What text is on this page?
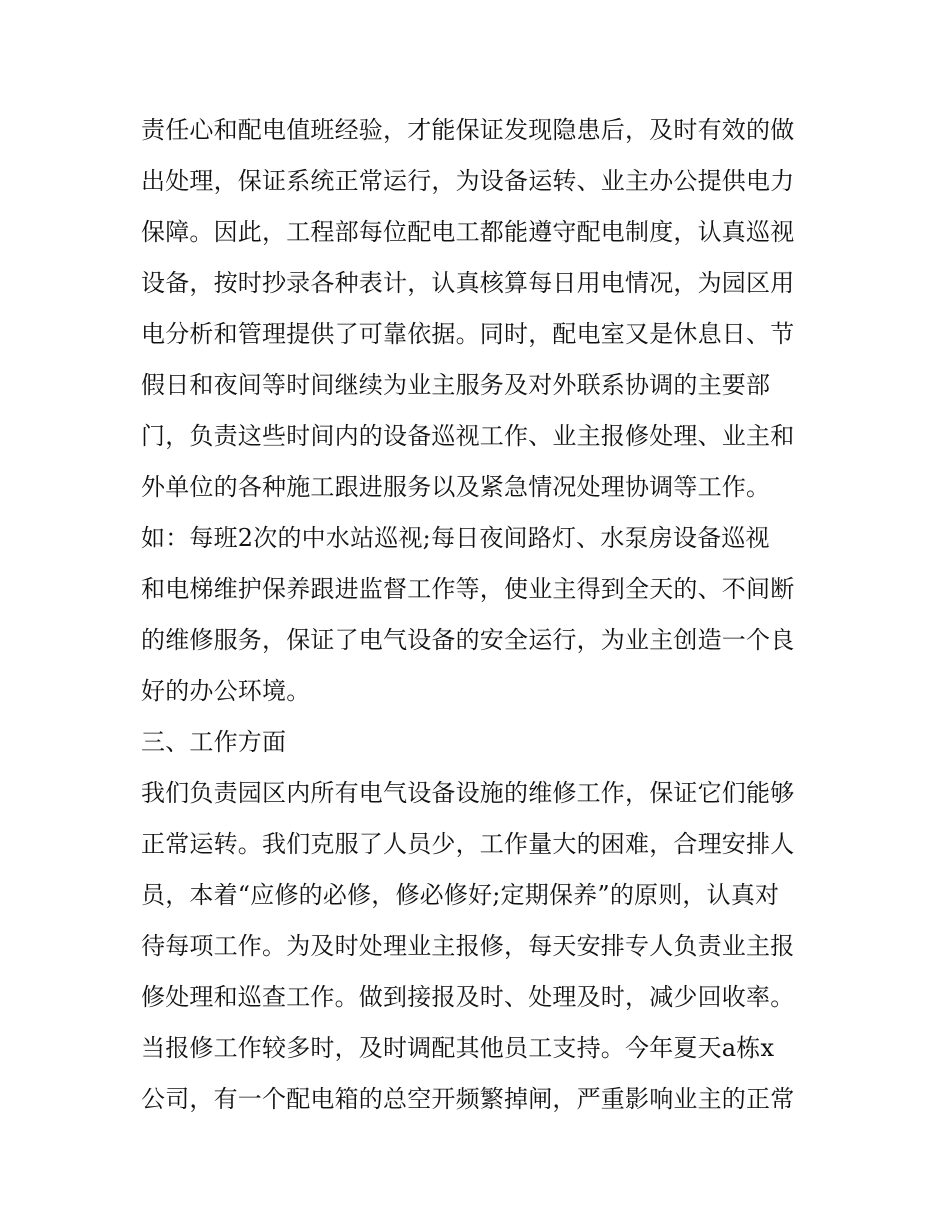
责任心和配电值班经验，才能保证发现隐患后，及时有效的做
出处理，保证系统正常运行，为设备运转、业主办公提供电力
保障。因此，工程部每位配电工都能遵守配电制度，认真巡视
设备，按时抄录各种表计，认真核算每日用电情况，为园区用
电分析和管理提供了可靠依据。同时，配电室又是休息日、节
假日和夜间等时间继续为业主服务及对外联系协调的主要部
门，负责这些时间内的设备巡视工作、业主报修处理、业主和
外单位的各种施工跟进服务以及紧急情况处理协调等工作。
如：每班2次的中水站巡视;每日夜间路灯、水泵房设备巡视
和电梯维护保养跟进监督工作等，使业主得到全天的、不间断
的维修服务，保证了电气设备的安全运行，为业主创造一个良
好的办公环境。
三、工作方面
我们负责园区内所有电气设备设施的维修工作，保证它们能够
正常运转。我们克服了人员少，工作量大的困难，合理安排人
员，本着“应修的必修，修必修好;定期保养”的原则，认真对
待每项工作。为及时处理业主报修，每天安排专人负责业主报
修处理和巡查工作。做到接报及时、处理及时，减少回收率。
当报修工作较多时，及时调配其他员工支持。今年夏天a栋x
公司，有一个配电箱的总空开频繁掉闸，严重影响业主的正常
